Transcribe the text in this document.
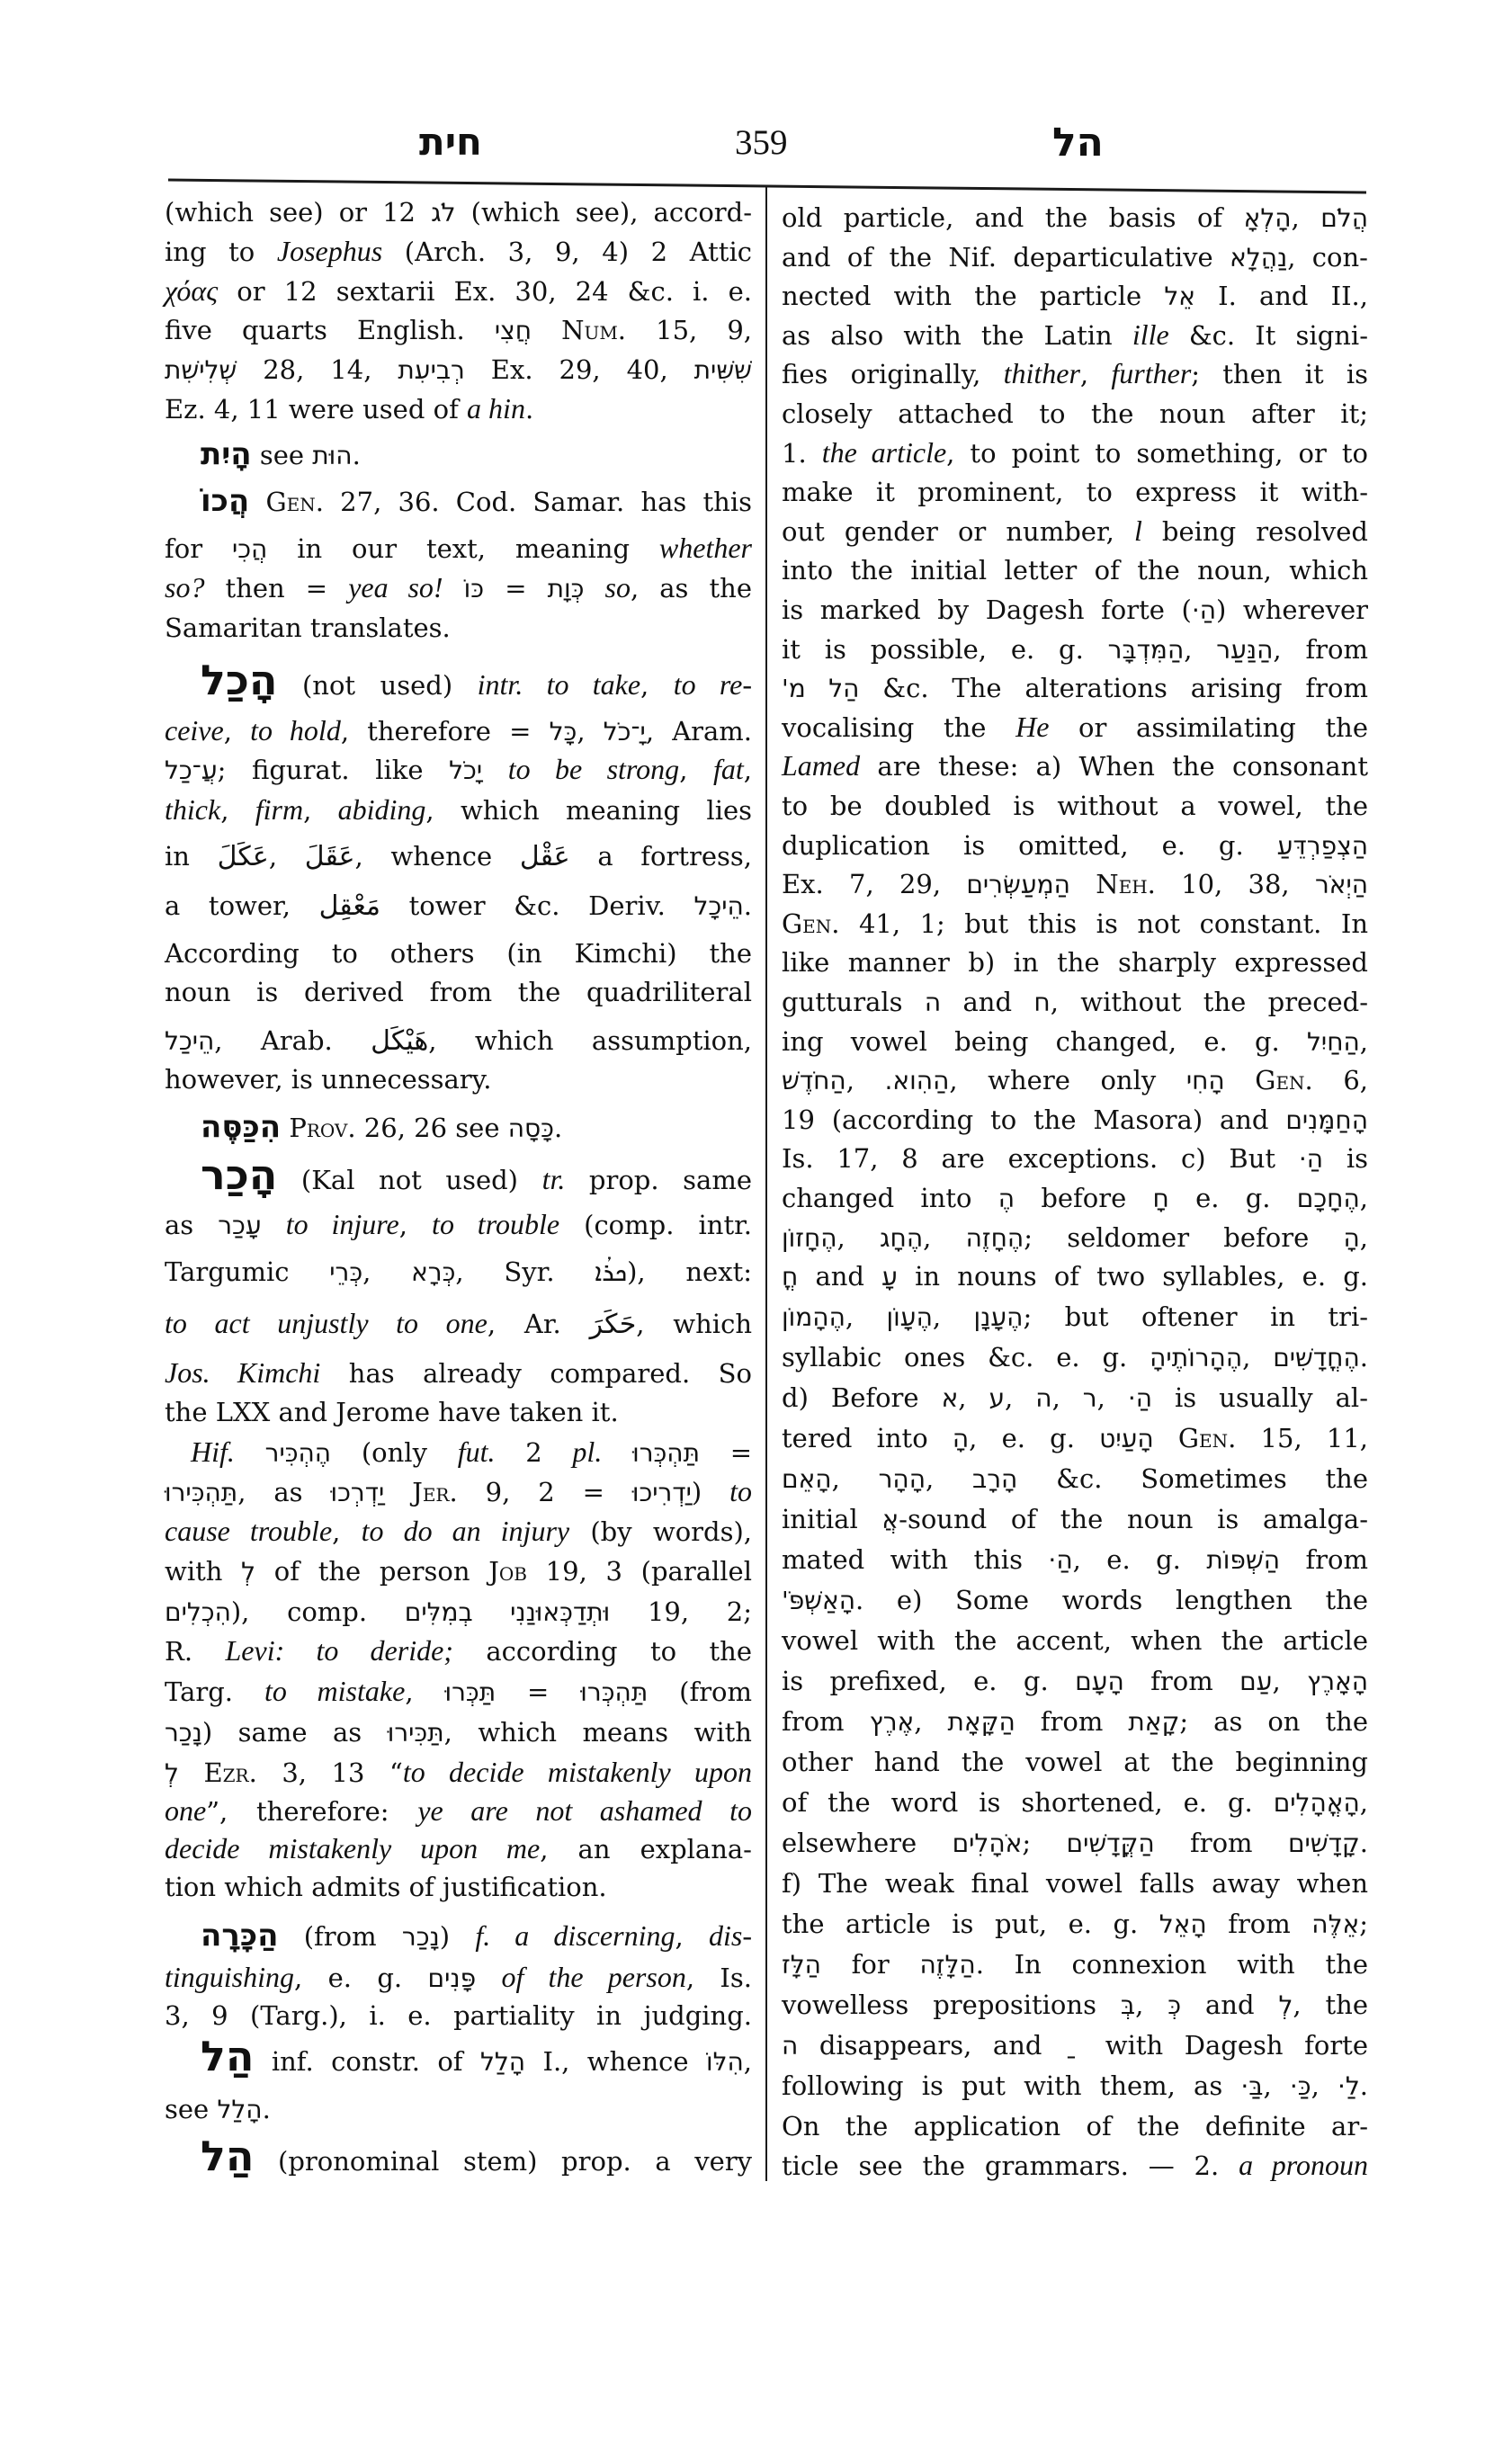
חית	359	הל
(which see) or 12 לֹג (which see), accord-
ing to Josephus (Arch. 3, 9, 4) 2 Attic
χόας or 12 sextarii Ex. 30, 24 &c. i. e.
five quarts English. חֲצִי Num. 15, 9,
שְׁלִישִׁת 28, 14, רְבִיעִת Ex. 29, 40, שִׁשִּׁית
Ez. 4, 11 were used of a hin.
הָיִת see הוּת.
הֲכוֹ Gen. 27, 36. Cod. Samar. has this
for הֲכִי in our text, meaning whether
so? then = yea so! כּוֹ = כְּוָת so, as the
Samaritan translates.
הָכַל (not used) intr. to take, to re-
ceive, to hold, therefore = כָּל, יָ־כֹל, Aram.
עֲ־כַל; figurat. like יָכֹל to be strong, fat,
thick, firm, abiding, which meaning lies
in عَكَلَ, عَقَلَ, whence عَقْل a fortress,
a tower, مَعْقِل tower &c. Deriv. הֵיכָל.
According to others (in Kimchi) the
noun is derived from the quadriliteral
הֵיכַל, Arab. هَيْكَل, which assumption,
however, is unnecessary.
הִכַּסֶּה Prov. 26, 26 see כָּסָה.
הָכַר (Kal not used) tr. prop. same
as עָכַר to injure, to trouble (comp. intr.
Targumic כְּרֵי, כְּרָא, Syr. ܟܪܳܐ), next:
to act unjustly to one, Ar. حَكَرَ, which
Jos. Kimchi has already compared. So
the LXX and Jerome have taken it.
Hif. הֶהְכִּיר (only fut. 2 pl. תַּהְכְּרוּ =
תַּהְכִּירוּ, as יַדְרְכוּ Jer. 9, 2 = יַדְרִיכוּ) to
cause trouble, to do an injury (by words),
with לְ of the person Job 19, 3 (parallel
הִכְלִים), comp. וּתְדַכְּאוּנַנִי בְמִלִּים 19, 2;
R. Levi: to deride; according to the
Targ. to mistake, תַּכְּרוּ = תַּהְכְּרוּ (from
נָכַר) same as תַּכִּירוּ, which means with
לְ Ezr. 3, 13 “to decide mistakenly upon
one”, therefore: ye are not ashamed to
decide mistakenly upon me, an explana-
tion which admits of justification.
הַכָּרָה (from נָכַר) f. a discerning, dis-
tinguishing, e. g. פָּנִים of the person, Is.
3, 9 (Targ.), i. e. partiality in judging.
הַל inf. constr. of הָלַל I., whence הִלּוֹ,
see הָלַל.
הַל (pronominal stem) prop. a very
old particle, and the basis of הָלְאָ, הֲלֹם
and of the Nif. departiculative נַהֲלָא, con-
nected with the particle אֵל I. and II.,
as also with the Latin ille &c. It signi-
fies originally, thither, further; then it is
closely attached to the noun after it;
1. the article, to point to something, or to
make it prominent, to express it with-
out gender or number, l being resolved
into the initial letter of the noun, which
is marked by Dagesh forte (הַ·) wherever
it is possible, e. g. הַמִּדְבָּר, הַנַּעַר, from
הַל מ' &c. The alterations arising from
vocalising the He or assimilating the
Lamed are these: a) When the consonant
to be doubled is without a vowel, the
duplication is omitted, e. g. הַצְפַרְדֵּעַ
Ex. 7, 29, הַמְעַשְּׂרִים Neh. 10, 38, הַיְאֹר
Gen. 41, 1; but this is not constant. In
like manner b) in the sharply expressed
gutturals ה and ח, without the preced-
ing vowel being changed, e. g. הַחַיִל,
הַחֹדֶשׁ, הַהִוא., where only הָחִי Gen. 6,
19 (according to the Masora) and הָחַמָּנִים
Is. 17, 8 are exceptions. c) But הַ· is
changed into הֶ before חָ e. g. הֶחָכָם,
הֶחָזוֹן, הֶחָג, הֶחָזֶה; seldomer before הָ,
חֳ and עָ in nouns of two syllables, e. g.
הֶהָמוֹן, הֶעָוֹן, הֶעָנָן; but oftener in tri-
syllabic ones &c. e. g. הֶהָרוֹתֶיהָ, הֶחֳדָשִׁים.
d) Before א, ע, ה, ר, הַ· is usually al-
tered into הָ, e. g. הָעַיִט Gen. 15, 11,
הָאֵם, הָהָר, הָרָב &c. Sometimes the
initial אֲ-sound of the noun is amalga-
mated with this הַ·, e. g. הַשְׁפּוֹת from
הָאַשְׁפֹּ'. e) Some words lengthen the
vowel with the accent, when the article
is prefixed, e. g. הָעָם from עַם, הָאָרֶץ
from אֶרֶץ, הַקָּאָת from קָאַת; as on the
other hand the vowel at the beginning
of the word is shortened, e. g. הָאֳהָלִים,
elsewhere אֹהָלִים; הַקֳּדָשִׁים from קָדָשִׁים.
f) The weak final vowel falls away when
the article is put, e. g. הָאֵל from אֵלֶּה;
הַלָּז for הַלָּזֶה. In connexion with the
vowelless prepositions בְּ, כְּ and לְ, the
ה disappears, and  ַ with Dagesh forte
following is put with them, as בַּ·, כַּ·, לַ·.
On the application of the definite ar-
ticle see the grammars. — 2. a pronoun
